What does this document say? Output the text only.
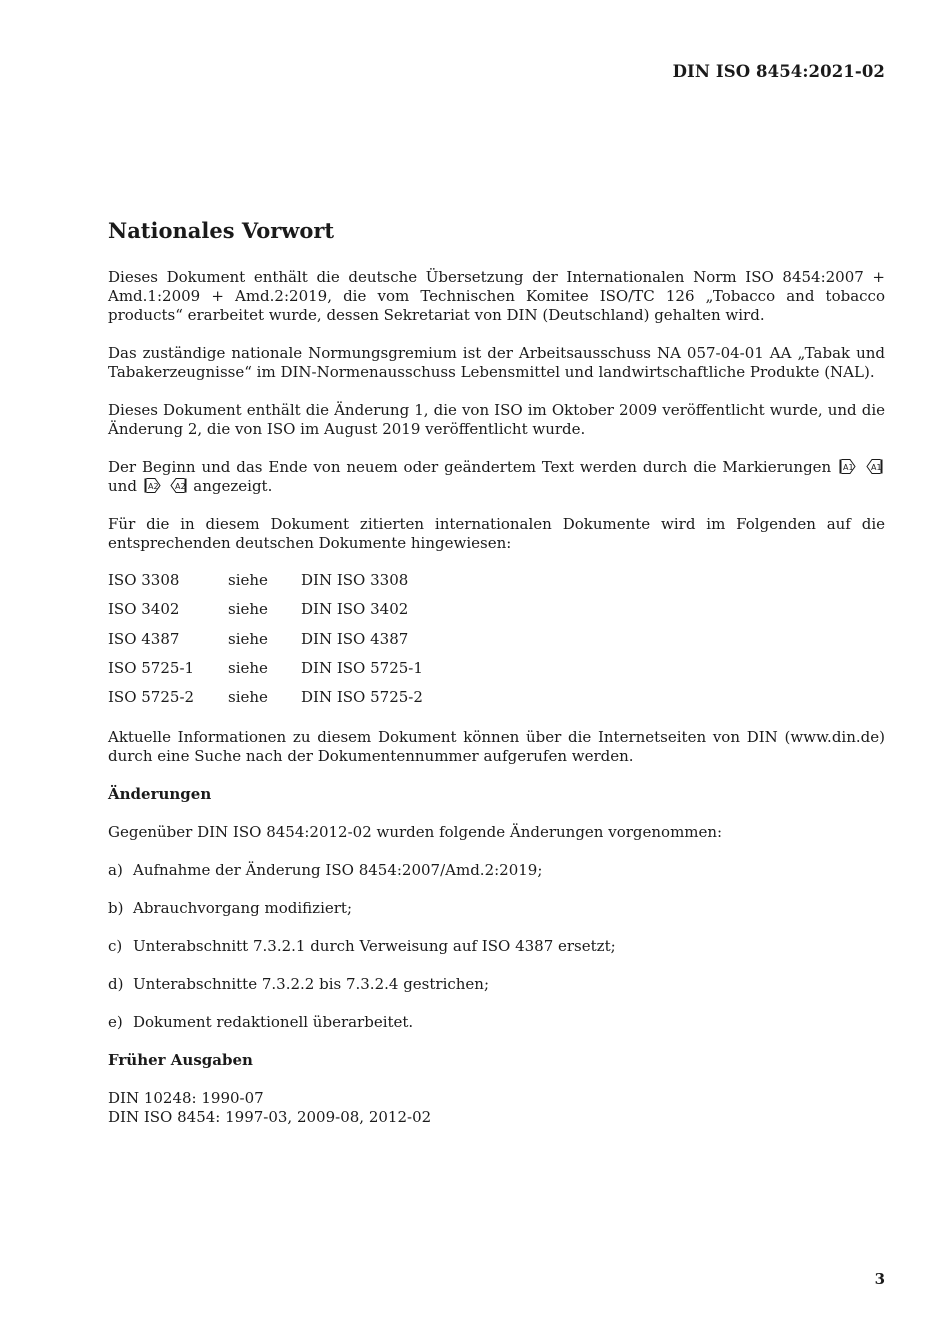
DIN ISO 8454:2021-02
Nationales Vorwort

Dieses Dokument enthält die deutsche Übersetzung der Internationalen Norm ISO 8454:2007 + Amd.1:2009 + Amd.2:2019, die vom Technischen Komitee ISO/TC 126 „Tobacco and tobacco products“ erarbeitet wurde, dessen Sekretariat von DIN (Deutschland) gehalten wird.

Das zuständige nationale Normungsgremium ist der Arbeitsausschuss NA 057-04-01 AA „Tabak und Tabakerzeugnisse“ im DIN-Normenausschuss Lebensmittel und landwirtschaftliche Produkte (NAL).

Dieses Dokument enthält die Änderung 1, die von ISO im Oktober 2009 veröffentlicht wurde, und die Änderung 2, die von ISO im August 2019 veröffentlicht wurde.

Der Beginn und das Ende von neuem oder geändertem Text werden durch die Markierungen A1
A1
und A2
A2 angezeigt.

Für die in diesem Dokument zitierten internationalen Dokumente wird im Folgenden auf die entsprechenden deutschen Dokumente hingewiesen:

ISO 3308	siehe	DIN ISO 3308
ISO 3402	siehe	DIN ISO 3402
ISO 4387	siehe	DIN ISO 4387
ISO 5725-1	siehe	DIN ISO 5725-1
ISO 5725-2	siehe	DIN ISO 5725-2

Aktuelle Informationen zu diesem Dokument können über die Internetseiten von DIN (www.din.de) durch eine Suche nach der Dokumentennummer aufgerufen werden.

Änderungen

Gegenüber DIN ISO 8454:2012-02 wurden folgende Änderungen vorgenommen:

a) Aufnahme der Änderung ISO 8454:2007/Amd.2:2019;
b) Abrauchvorgang modifiziert;
c) Unterabschnitt 7.3.2.1 durch Verweisung auf ISO 4387 ersetzt;
d) Unterabschnitte 7.3.2.2 bis 7.3.2.4 gestrichen;
e) Dokument redaktionell überarbeitet.
Früher Ausgaben
DIN 10248: 1990-07
DIN ISO 8454: 1997-03, 2009-08, 2012-02
3
